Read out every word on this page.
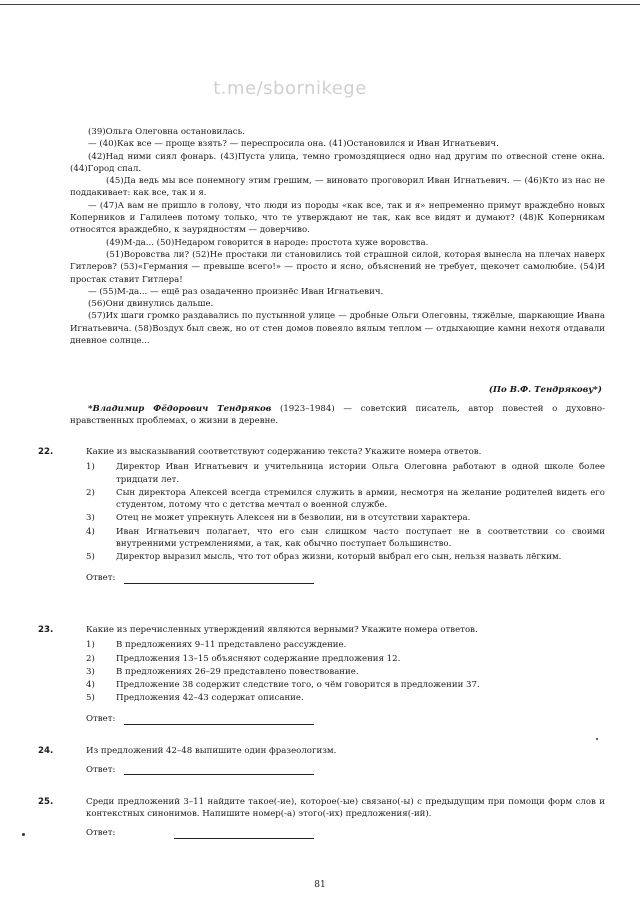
t.me/sbornikege

(39)Ольга Олеговна остановилась.

— (40)Как все — проще взять? — переспросила она. (41)Остановился и Иван Игнатьевич.

(42)Над ними сиял фонарь. (43)Пуста улица, темно громоздящиеся одно над другим по отвесной стене окна. (44)Город спал.

(45)Да ведь мы все понемногу этим грешим, — виновато проговорил Иван Игнатьевич. — (46)Кто из нас не поддакивает: как все, так и я.

— (47)А вам не пришло в голову, что люди из породы «как все, так и я» непременно примут враждебно новых Коперников и Галилеев потому только, что те утверждают не так, как все видят и думают? (48)К Коперникам относятся враждебно, к заурядностям — доверчиво.

(49)М-да... (50)Недаром говорится в народе: простота хуже воровства.

(51)Воровства ли? (52)Не простаки ли становились той страшной силой, которая вынесла на плечах наверх Гитлеров? (53)«Германия — превыше всего!» — просто и ясно, объяснений не требует, щекочет самолюбие. (54)И простак ставит Гитлера!

— (55)М-да... — ещё раз озадаченно произнёс Иван Игнатьевич.

(56)Они двинулись дальше.

(57)Их шаги громко раздавались по пустынной улице — дробные Ольги Олеговны, тяжёлые, шаркающие Ивана Игнатьевича. (58)Воздух был свеж, но от стен домов повеяло вялым теплом — отдыхающие камни нехотя отдавали дневное солнце...

(По В.Ф. Тендрякову*)
*Владимир Фёдорович Тендряков (1923–1984) — советский писатель, автор повестей о духовно-нравственных проблемах, о жизни в деревне.
22.	Какие из высказываний соответствуют содержанию текста? Укажите номера ответов.
1) Директор Иван Игнатьевич и учительница истории Ольга Олеговна работают в одной школе более тридцати лет.
2) Сын директора Алексей всегда стремился служить в армии, несмотря на желание родителей видеть его студентом, потому что с детства мечтал о военной службе.
3) Отец не может упрекнуть Алексея ни в безволии, ни в отсутствии характера.
4) Иван Игнатьевич полагает, что его сын слишком часто поступает не в соответствии со своими внутренними устремлениями, а так, как обычно поступает большинство.
5) Директор выразил мысль, что тот образ жизни, который выбрал его сын, нельзя назвать лёгким.
Ответ:
23.	Какие из перечисленных утверждений являются верными? Укажите номера ответов.
1) В предложениях 9–11 представлено рассуждение.
2) Предложения 13–15 объясняют содержание предложения 12.
3) В предложениях 26–29 представлено повествование.
4) Предложение 38 содержит следствие того, о чём говорится в предложении 37.
5) Предложения 42–43 содержат описание.
Ответ:
24.	Из предложений 42–48 выпишите один фразеологизм.
Ответ:
25.	Среди предложений 3–11 найдите такое(-ие), которое(-ые) связано(-ы) с предыдущим при помощи форм слов и контекстных синонимов. Напишите номер(-а) этого(-их) предложения(-ий).
Ответ:
81
